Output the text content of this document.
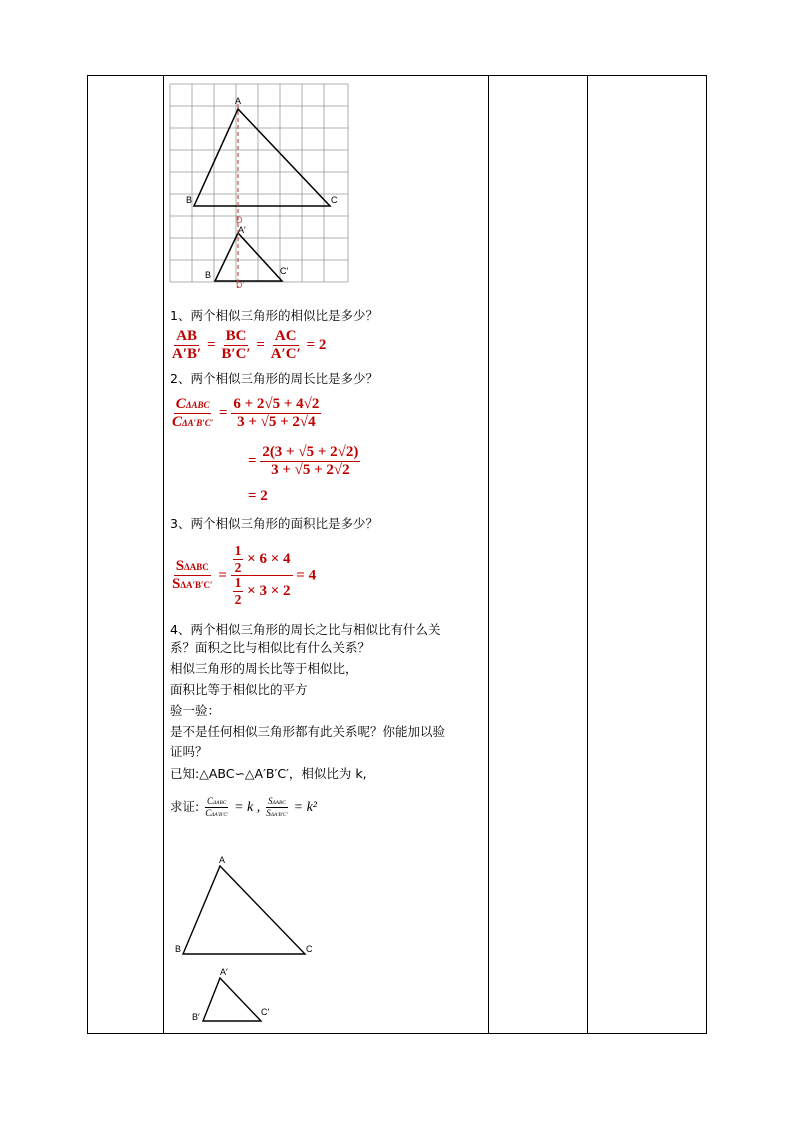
A
B	C
D
A′
B	C′
D′
1、两个相似三角形的相似比是多少？
$\frac{AB}{A'B'} = \frac{BC}{B'C'} = \frac{AC}{A'C'} = 2$
2、两个相似三角形的周长比是多少？
$\frac{\text{CΔABC}}{\text{CΔA′B′C′}} = \frac{6 + 2√5 + 4√2}{3 + √5 + 2√4}$
= $\frac{2(3 + √5 + 2√2)}{3 + √5 + 2√2}$
= 2
3、两个相似三角形的面积比是多少？
$\frac{\text{SΔABC}}{\text{SΔA′B′C′}} = \frac{\frac{1}{2} \times 6 \times 4}{\frac{1}{2} \times 3 \times 2} = 4$
4、两个相似三角形的周长之比与相似比有什么关
系？面积之比与相似比有什么关系？
相似三角形的周长比等于相似比，
面积比等于相似比的平方
验一验：
是不是任何相似三角形都有此关系呢？你能加以验
证吗？
已知:△ABC∽△A′B′C′，相似比为 k,
求证: $\frac{\text{CΔABC}}{\text{CΔA′B′C′}} = k$ , $\frac{\text{SΔABC}}{\text{SΔA′B′C′}} = k^2$
A
B	C
A′
B′	C′
